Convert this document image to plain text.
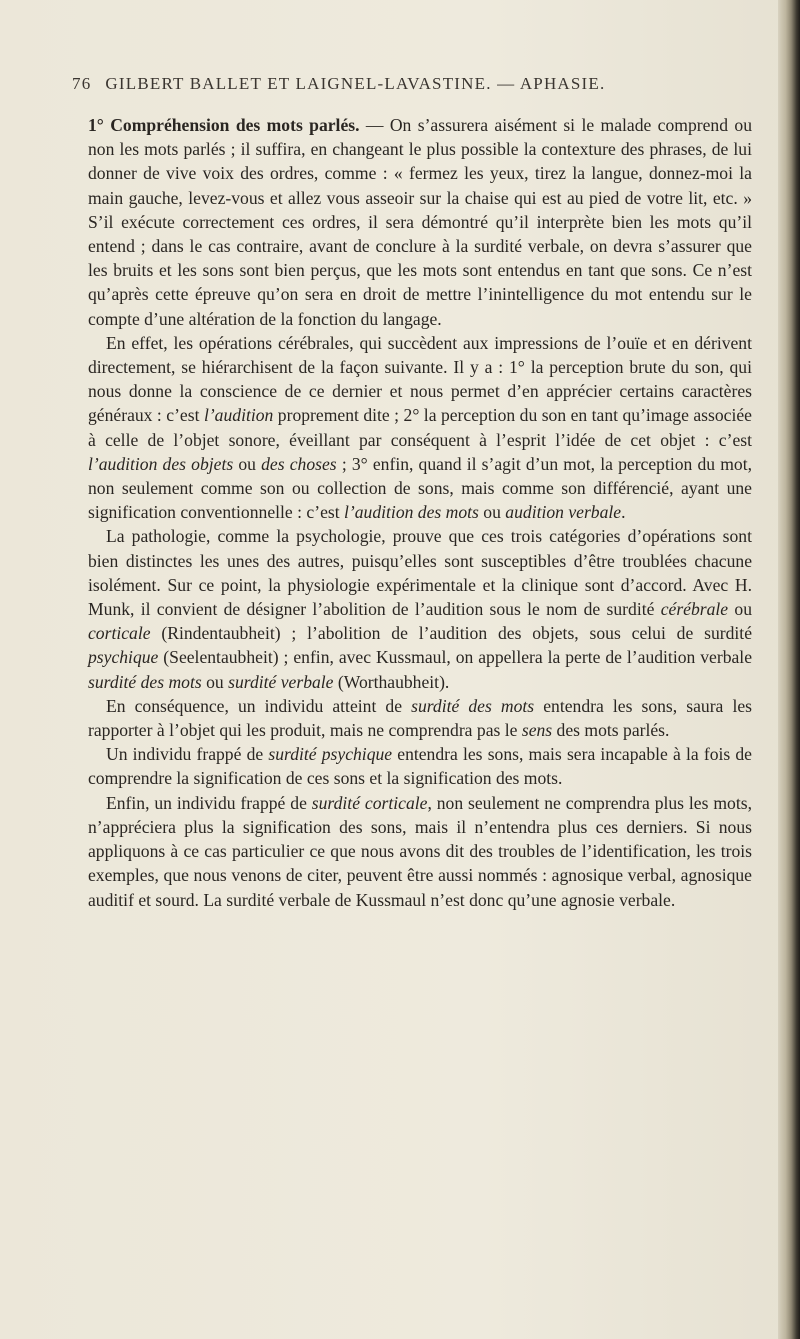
76 GILBERT BALLET ET LAIGNEL-LAVASTINE. — APHASIE.

1° Compréhension des mots parlés. — On s’assurera aisément si le malade comprend ou non les mots parlés ; il suffira, en changeant le plus possible la contexture des phrases, de lui donner de vive voix des ordres, comme : « fermez les yeux, tirez la langue, donnez-moi la main gauche, levez-vous et allez vous asseoir sur la chaise qui est au pied de votre lit, etc. » S’il exécute correctement ces ordres, il sera démontré qu’il interprète bien les mots qu’il entend ; dans le cas contraire, avant de conclure à la surdité verbale, on devra s’assurer que les bruits et les sons sont bien perçus, que les mots sont entendus en tant que sons. Ce n’est qu’après cette épreuve qu’on sera en droit de mettre l’inintelligence du mot entendu sur le compte d’une altération de la fonction du langage.

En effet, les opérations cérébrales, qui succèdent aux impressions de l’ouïe et en dérivent directement, se hiérarchisent de la façon suivante. Il y a : 1° la perception brute du son, qui nous donne la conscience de ce dernier et nous permet d’en apprécier certains caractères généraux : c’est l’audition proprement dite ; 2° la perception du son en tant qu’image associée à celle de l’objet sonore, éveillant par conséquent à l’esprit l’idée de cet objet : c’est l’audition des objets ou des choses ; 3° enfin, quand il s’agit d’un mot, la perception du mot, non seulement comme son ou collection de sons, mais comme son différencié, ayant une signification conventionnelle : c’est l’audition des mots ou audition verbale.

La pathologie, comme la psychologie, prouve que ces trois catégories d’opérations sont bien distinctes les unes des autres, puisqu’elles sont susceptibles d’être troublées chacune isolément. Sur ce point, la physiologie expérimentale et la clinique sont d’accord. Avec H. Munk, il convient de désigner l’abolition de l’audition sous le nom de surdité cérébrale ou corticale (Rindentaubheit) ; l’abolition de l’audition des objets, sous celui de surdité psychique (Seelentaubheit) ; enfin, avec Kussmaul, on appellera la perte de l’audition verbale surdité des mots ou surdité verbale (Worthaubheit).

En conséquence, un individu atteint de surdité des mots entendra les sons, saura les rapporter à l’objet qui les produit, mais ne comprendra pas le sens des mots parlés.

Un individu frappé de surdité psychique entendra les sons, mais sera incapable à la fois de comprendre la signification de ces sons et la signification des mots.

Enfin, un individu frappé de surdité corticale, non seulement ne comprendra plus les mots, n’appréciera plus la signification des sons, mais il n’entendra plus ces derniers. Si nous appliquons à ce cas particulier ce que nous avons dit des troubles de l’identification, les trois exemples, que nous venons de citer, peuvent être aussi nommés : agnosique verbal, agnosique auditif et sourd. La surdité verbale de Kussmaul n’est donc qu’une agnosie verbale.
